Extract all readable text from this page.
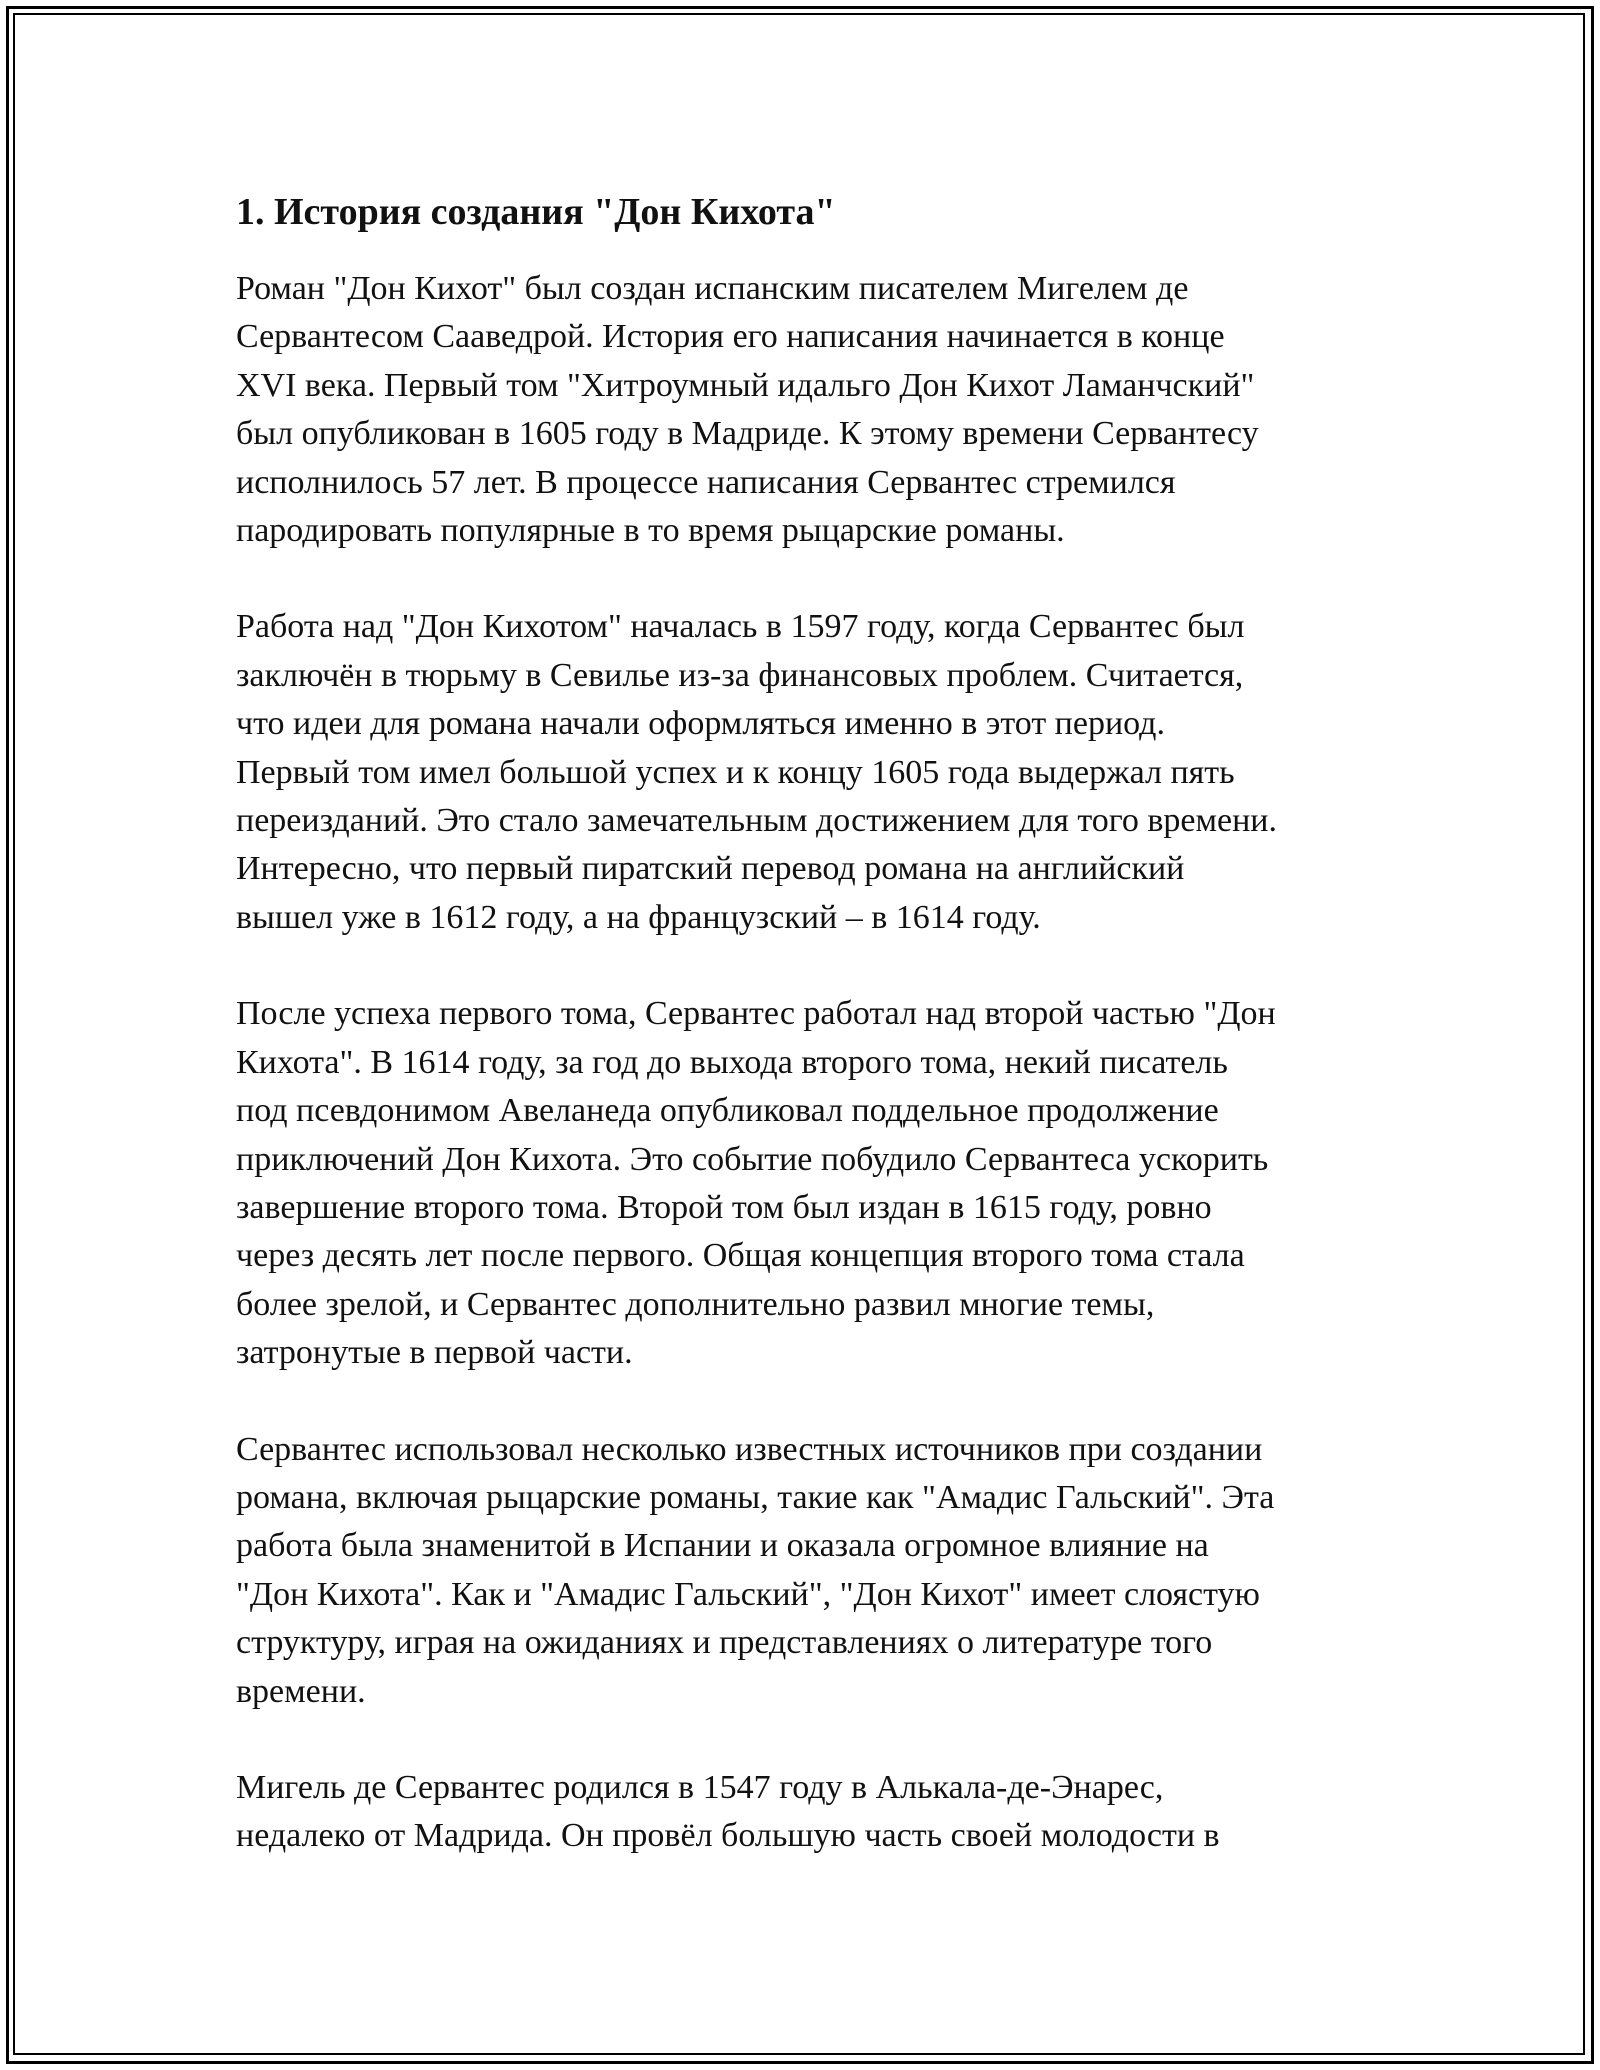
1. История создания "Дон Кихота"

Роман "Дон Кихот" был создан испанским писателем Мигелем де
Сервантесом Сааведрой. История его написания начинается в конце
XVI века. Первый том "Хитроумный идальго Дон Кихот Ламанчский"
был опубликован в 1605 году в Мадриде. К этому времени Сервантесу
исполнилось 57 лет. В процессе написания Сервантес стремился
пародировать популярные в то время рыцарские романы.

Работа над "Дон Кихотом" началась в 1597 году, когда Сервантес был
заключён в тюрьму в Севилье из-за финансовых проблем. Считается,
что идеи для романа начали оформляться именно в этот период.
Первый том имел большой успех и к концу 1605 года выдержал пять
переизданий. Это стало замечательным достижением для того времени.
Интересно, что первый пиратский перевод романа на английский
вышел уже в 1612 году, а на французский – в 1614 году.

После успеха первого тома, Сервантес работал над второй частью "Дон
Кихота". В 1614 году, за год до выхода второго тома, некий писатель
под псевдонимом Авеланеда опубликовал поддельное продолжение
приключений Дон Кихота. Это событие побудило Сервантеса ускорить
завершение второго тома. Второй том был издан в 1615 году, ровно
через десять лет после первого. Общая концепция второго тома стала
более зрелой, и Сервантес дополнительно развил многие темы,
затронутые в первой части.

Сервантес использовал несколько известных источников при создании
романа, включая рыцарские романы, такие как "Амадис Гальский". Эта
работа была знаменитой в Испании и оказала огромное влияние на
"Дон Кихота". Как и "Амадис Гальский", "Дон Кихот" имеет слоястую
структуру, играя на ожиданиях и представлениях о литературе того
времени.

Мигель де Сервантес родился в 1547 году в Алькала-де-Энарес,
недалеко от Мадрида. Он провёл большую часть своей молодости в
